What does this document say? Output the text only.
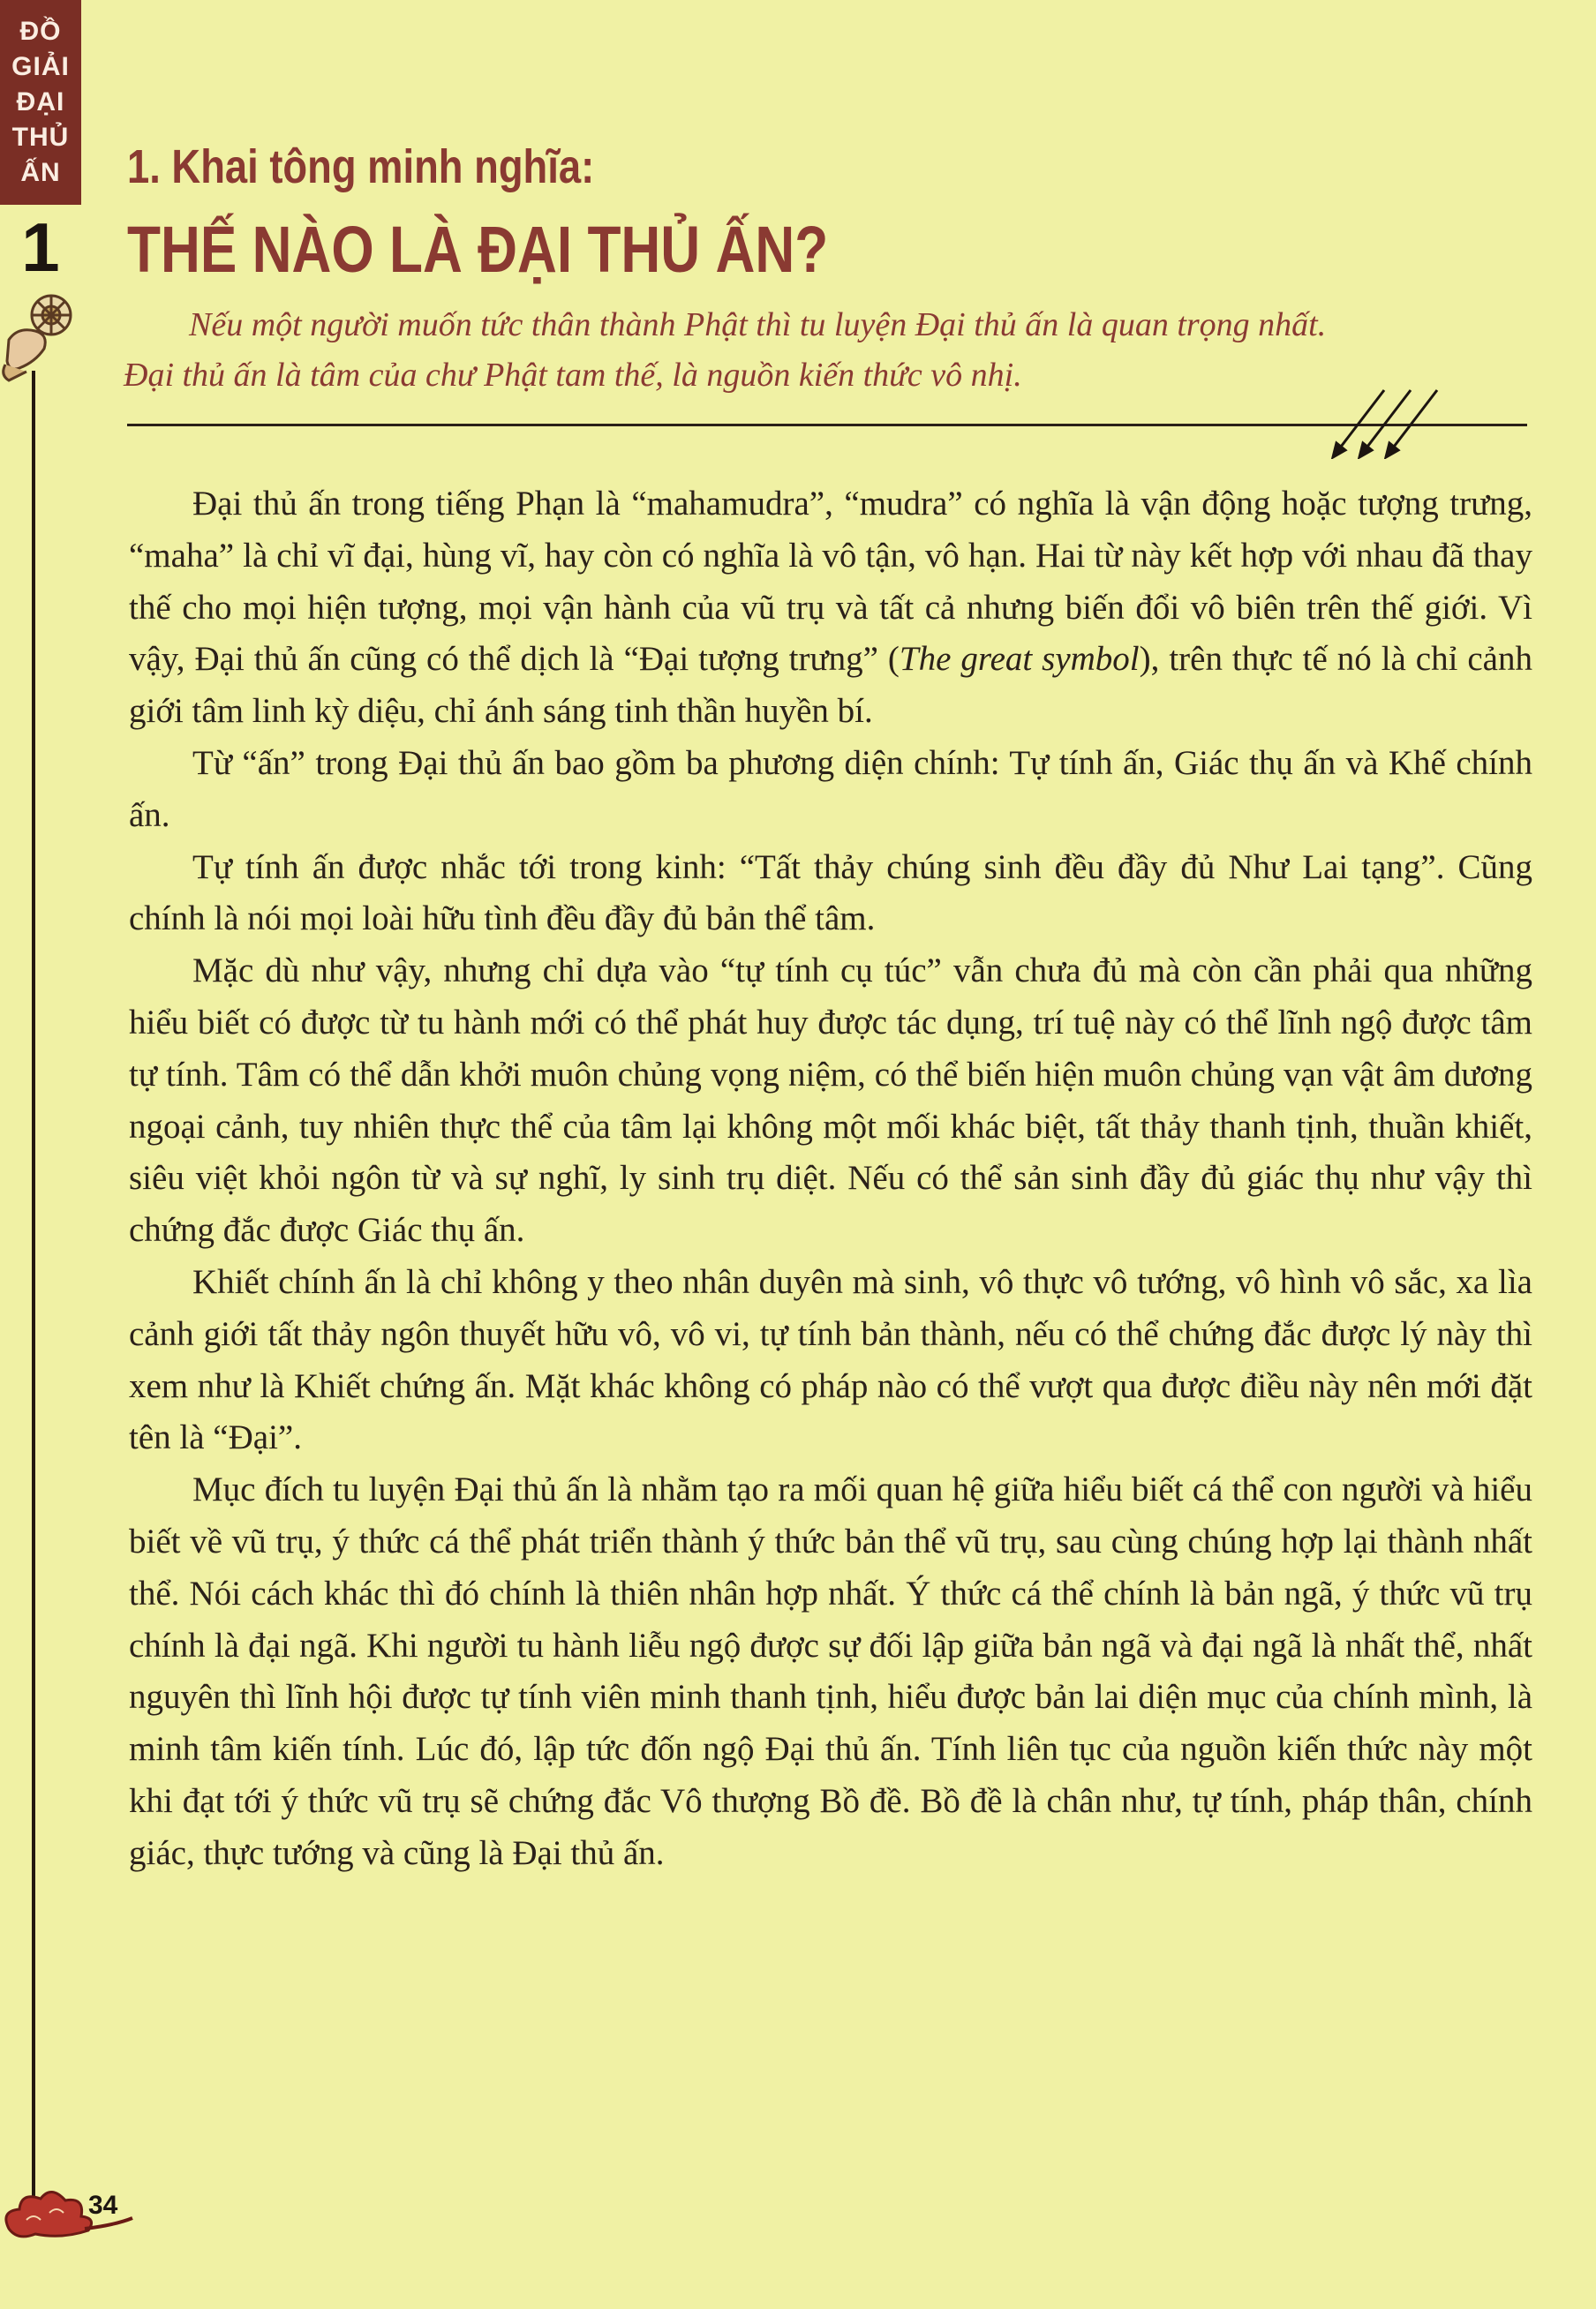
ĐỒ
GIẢI
ĐẠI
THỦ
ẤN
1
34
1. Khai tông minh nghĩa:
THẾ NÀO LÀ ĐẠI THỦ ẤN?

Nếu một người muốn tức thân thành Phật thì tu luyện Đại thủ ấn là quan trọng nhất.

Đại thủ ấn là tâm của chư Phật tam thế, là nguồn kiến thức vô nhị.

Đại thủ ấn trong tiếng Phạn là “mahamudra”, “mudra” có nghĩa là vận động hoặc tượng trưng, “maha” là chỉ vĩ đại, hùng vĩ, hay còn có nghĩa là vô tận, vô hạn. Hai từ này kết hợp với nhau đã thay thế cho mọi hiện tượng, mọi vận hành của vũ trụ và tất cả nhưng biến đổi vô biên trên thế giới. Vì vậy, Đại thủ ấn cũng có thể dịch là “Đại tượng trưng” (The great symbol), trên thực tế nó là chỉ cảnh giới tâm linh kỳ diệu, chỉ ánh sáng tinh thần huyền bí.

Từ “ấn” trong Đại thủ ấn bao gồm ba phương diện chính: Tự tính ấn, Giác thụ ấn và Khế chính ấn.

Tự tính ấn được nhắc tới trong kinh: “Tất thảy chúng sinh đều đầy đủ Như Lai tạng”. Cũng chính là nói mọi loài hữu tình đều đầy đủ bản thể tâm.

Mặc dù như vậy, nhưng chỉ dựa vào “tự tính cụ túc” vẫn chưa đủ mà còn cần phải qua những hiểu biết có được từ tu hành mới có thể phát huy được tác dụng, trí tuệ này có thể lĩnh ngộ được tâm tự tính. Tâm có thể dẫn khởi muôn chủng vọng niệm, có thể biến hiện muôn chủng vạn vật âm dương ngoại cảnh, tuy nhiên thực thể của tâm lại không một mối khác biệt, tất thảy thanh tịnh, thuần khiết, siêu việt khỏi ngôn từ và sự nghĩ, ly sinh trụ diệt. Nếu có thể sản sinh đầy đủ giác thụ như vậy thì chứng đắc được Giác thụ ấn.

Khiết chính ấn là chỉ không y theo nhân duyên mà sinh, vô thực vô tướng, vô hình vô sắc, xa lìa cảnh giới tất thảy ngôn thuyết hữu vô, vô vi, tự tính bản thành, nếu có thể chứng đắc được lý này thì xem như là Khiết chứng ấn. Mặt khác không có pháp nào có thể vượt qua được điều này nên mới đặt tên là “Đại”.

Mục đích tu luyện Đại thủ ấn là nhằm tạo ra mối quan hệ giữa hiểu biết cá thể con người và hiểu biết về vũ trụ, ý thức cá thể phát triển thành ý thức bản thể vũ trụ, sau cùng chúng hợp lại thành nhất thể. Nói cách khác thì đó chính là thiên nhân hợp nhất. Ý thức cá thể chính là bản ngã, ý thức vũ trụ chính là đại ngã. Khi người tu hành liễu ngộ được sự đối lập giữa bản ngã và đại ngã là nhất thể, nhất nguyên thì lĩnh hội được tự tính viên minh thanh tịnh, hiểu được bản lai diện mục của chính mình, là minh tâm kiến tính. Lúc đó, lập tức đốn ngộ Đại thủ ấn. Tính liên tục của nguồn kiến thức này một khi đạt tới ý thức vũ trụ sẽ chứng đắc Vô thượng Bồ đề. Bồ đề là chân như, tự tính, pháp thân, chính giác, thực tướng và cũng là Đại thủ ấn.
